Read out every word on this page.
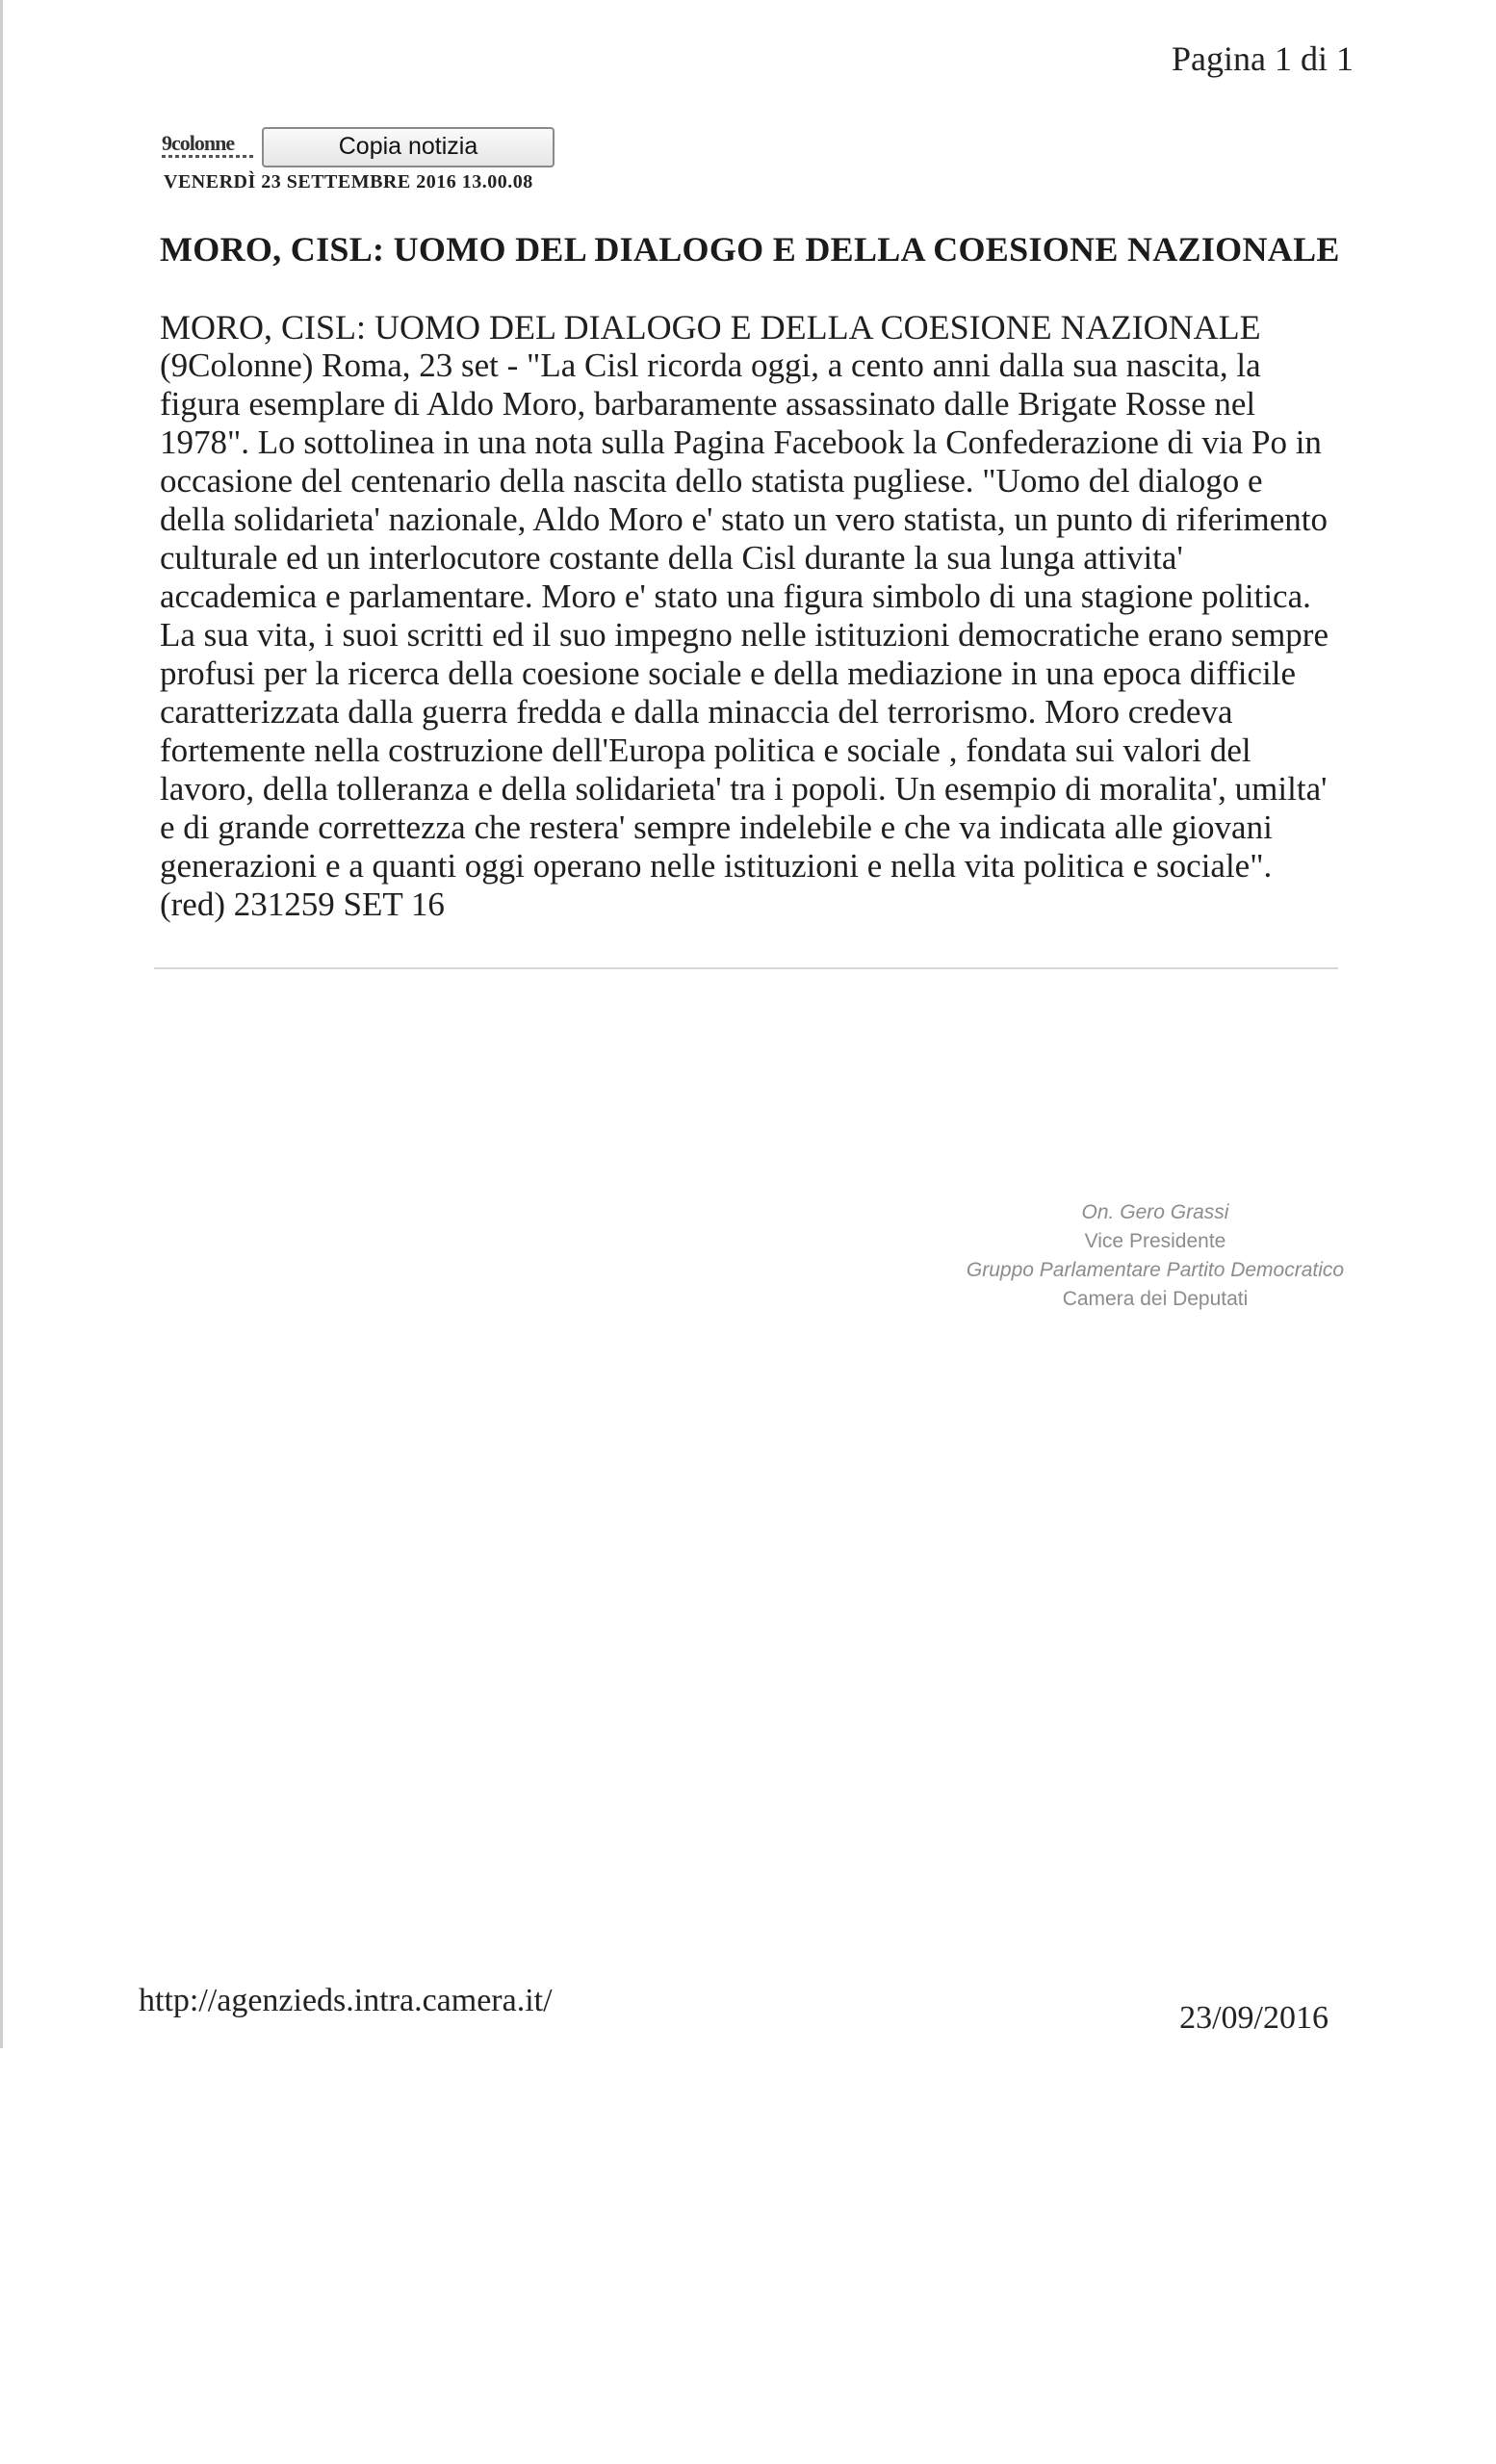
Pagina 1 di 1
9colonne	Copia notizia
VENERDÌ 23 SETTEMBRE 2016 13.00.08
MORO, CISL: UOMO DEL DIALOGO E DELLA COESIONE NAZIONALE

MORO, CISL: UOMO DEL DIALOGO E DELLA COESIONE NAZIONALE

(9Colonne) Roma, 23 set - "La Cisl ricorda oggi, a cento anni dalla sua nascita, la

figura esemplare di Aldo Moro, barbaramente assassinato dalle Brigate Rosse nel

1978". Lo sottolinea in una nota sulla Pagina Facebook la Confederazione di via Po in

occasione del centenario della nascita dello statista pugliese. "Uomo del dialogo e

della solidarieta' nazionale, Aldo Moro e' stato un vero statista, un punto di riferimento

culturale ed un interlocutore costante della Cisl durante la sua lunga attivita'

accademica e parlamentare. Moro e' stato una figura simbolo di una stagione politica.

La sua vita, i suoi scritti ed il suo impegno nelle istituzioni democratiche erano sempre

profusi per la ricerca della coesione sociale e della mediazione in una epoca difficile

caratterizzata dalla guerra fredda e dalla minaccia del terrorismo. Moro credeva

fortemente nella costruzione dell'Europa politica e sociale , fondata sui valori del

lavoro, della tolleranza e della solidarieta' tra i popoli. Un esempio di moralita', umilta'

e di grande correttezza che restera' sempre indelebile e che va indicata alle giovani

generazioni e a quanti oggi operano nelle istituzioni e nella vita politica e sociale".

(red) 231259 SET 16

On. Gero Grassi
Vice Presidente
Gruppo Parlamentare Partito Democratico
Camera dei Deputati
http://agenzieds.intra.camera.it/	23/09/2016
